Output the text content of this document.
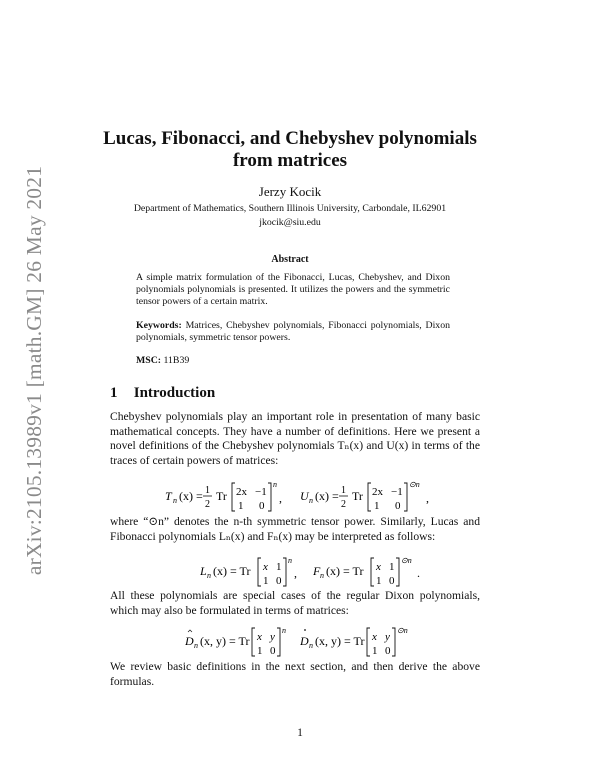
arXiv:2105.13989v1 [math.GM] 26 May 2021
Lucas, Fibonacci, and Chebyshev polynomials
from matrices
Jerzy Kocik
Department of Mathematics, Southern Illinois University, Carbondale, IL62901
jkocik@siu.edu
Abstract
A simple matrix formulation of the Fibonacci, Lucas, Chebyshev, and Dixon polynomials polynomials is presented. It utilizes the powers and the symmetric tensor powers of a certain matrix.
Keywords: Matrices, Chebyshev polynomials, Fibonacci polynomials, Dixon polynomials, symmetric tensor powers.
MSC: 11B39
1 Introduction
Chebyshev polynomials play an important role in presentation of many basic mathematical concepts. They have a number of definitions. Here we present a novel definitions of the Chebyshev polynomials Tₙ(x) and U(x) in terms of the traces of certain powers of matrices:
T n (x) = 1
2
Tr 2x −1
1 0
n
, U n (x) = 1
2
Tr 2x −1
1 0
⊙n
,
where “⊙n” denotes the n-th symmetric tensor power. Similarly, Lucas and Fibonacci polynomials Lₙ(x) and Fₙ(x) may be interpreted as follows:
L n (x) = Tr x 1
1 0
n
, F n (x) = Tr x 1
1 0
⊙n
.
All these polynomials are special cases of the regular Dixon polynomials, which may also be formulated in terms of matrices:
D n (x, y) = Tr x y
1 0
n
D n (x, y) = Tr x y
1 0
⊙n
We review basic definitions in the next section, and then derive the above formulas.
1
